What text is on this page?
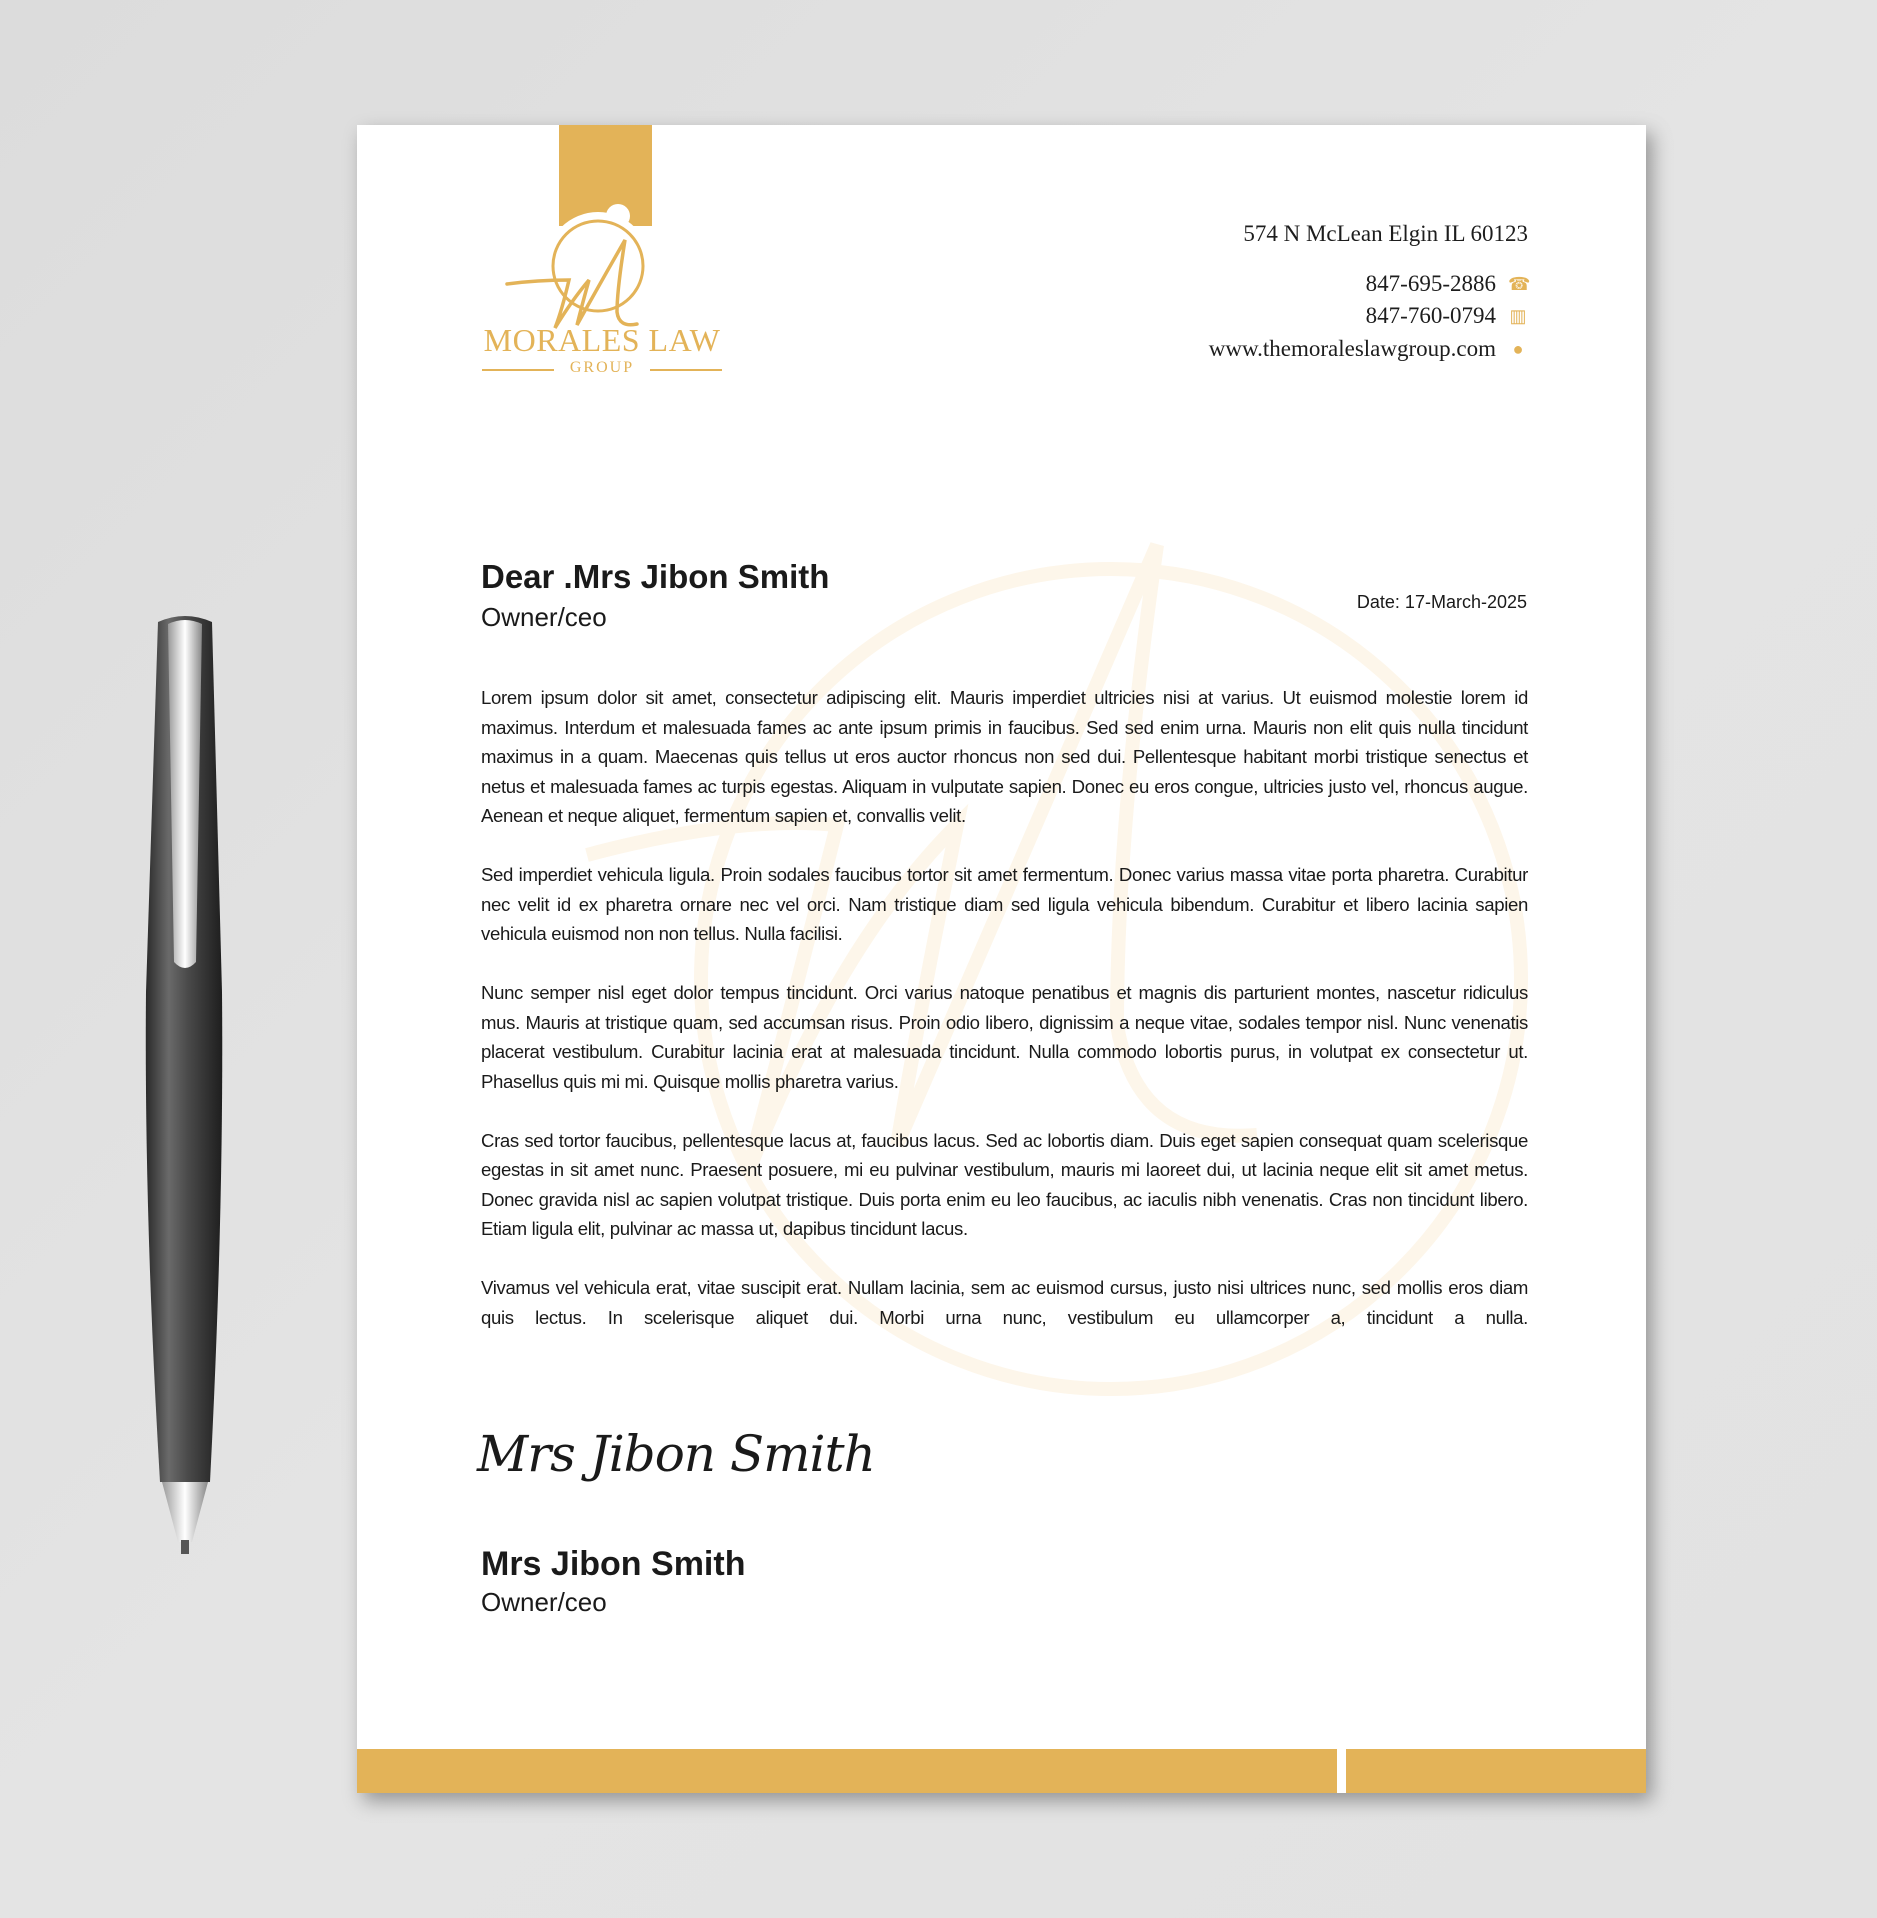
MORALES LAW
GROUP
574 N McLean Elgin IL 60123
847-695-2886 ☎
847-760-0794 ▥
www.themoraleslawgroup.com ●
Dear .Mrs Jibon Smith
Owner/ceo	Date: 17-March-2025

Lorem ipsum dolor sit amet, consectetur adipiscing elit. Mauris imperdiet ultricies nisi at varius. Ut euismod molestie lorem id maximus. Interdum et malesuada fames ac ante ipsum primis in faucibus. Sed sed enim urna. Mauris non elit quis nulla tincidunt maximus in a quam. Maecenas quis tellus ut eros auctor rhoncus non sed dui. Pellentesque habitant morbi tristique senectus et netus et malesuada fames ac turpis egestas. Aliquam in vulputate sapien. Donec eu eros congue, ultricies justo vel, rhoncus augue. Aenean et neque aliquet, fermentum sapien et, convallis velit.

Sed imperdiet vehicula ligula. Proin sodales faucibus tortor sit amet fermentum. Donec varius massa vitae porta pharetra. Curabitur nec velit id ex pharetra ornare nec vel orci. Nam tristique diam sed ligula vehicula bibendum. Curabitur et libero lacinia sapien vehicula euismod non non tellus. Nulla facilisi.

Nunc semper nisl eget dolor tempus tincidunt. Orci varius natoque penatibus et magnis dis parturient montes, nascetur ridiculus mus. Mauris at tristique quam, sed accumsan risus. Proin odio libero, dignissim a neque vitae, sodales tempor nisl. Nunc venenatis placerat vestibulum. Curabitur lacinia erat at malesuada tincidunt. Nulla commodo lobortis purus, in volutpat ex consectetur ut. Phasellus quis mi mi. Quisque mollis pharetra varius.

Cras sed tortor faucibus, pellentesque lacus at, faucibus lacus. Sed ac lobortis diam. Duis eget sapien consequat quam scelerisque egestas in sit amet nunc. Praesent posuere, mi eu pulvinar vestibulum, mauris mi laoreet dui, ut lacinia neque elit sit amet metus. Donec gravida nisl ac sapien volutpat tristique. Duis porta enim eu leo faucibus, ac iaculis nibh venenatis. Cras non tincidunt libero. Etiam ligula elit, pulvinar ac massa ut, dapibus tincidunt lacus.

Vivamus vel vehicula erat, vitae suscipit erat. Nullam lacinia, sem ac euismod cursus, justo nisi ultrices nunc, sed mollis eros diam quis lectus. In scelerisque aliquet dui. Morbi urna nunc, vestibulum eu ullamcorper a, tincidunt a nulla.

Mrs Jibon Smith
Mrs Jibon Smith
Owner/ceo
